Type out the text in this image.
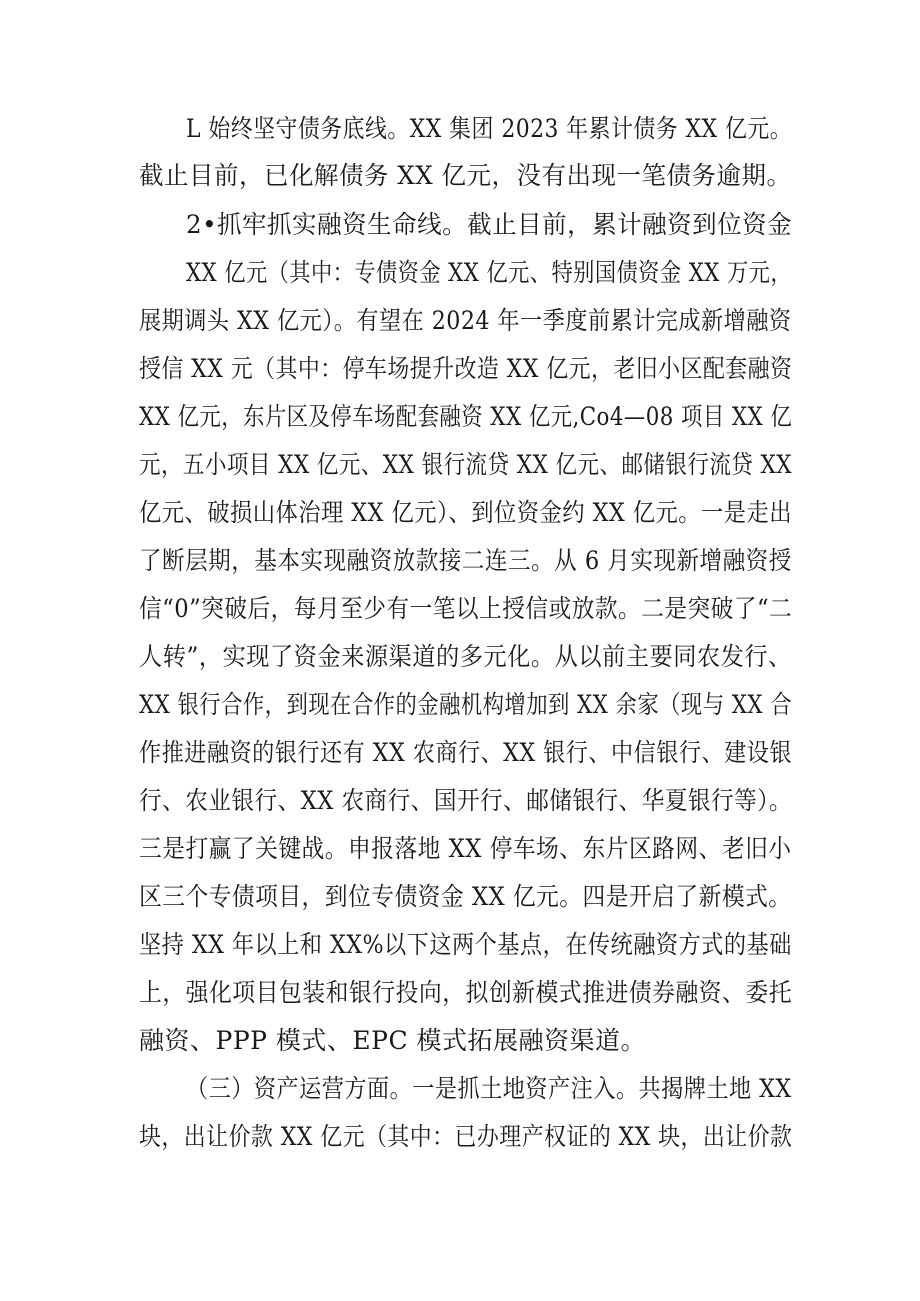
L 始终坚守债务底线。XX 集团 2023 年累计债务 XX 亿元。
截止目前，已化解债务 XX 亿元，没有出现一笔债务逾期。
2•抓牢抓实融资生命线。截止目前，累计融资到位资金
XX 亿元（其中：专债资金 XX 亿元、特别国债资金 XX 万元，
展期调头 XX 亿元）。有望在 2024 年一季度前累计完成新增融资
授信 XX 元（其中：停车场提升改造 XX 亿元，老旧小区配套融资
XX 亿元，东片区及停车场配套融资 XX 亿元,Co4—08 项目 XX 亿
元，五小项目 XX 亿元、XX 银行流贷 XX 亿元、邮储银行流贷 XX
亿元、破损山体治理 XX 亿元）、到位资金约 XX 亿元。一是走出
了断层期，基本实现融资放款接二连三。从 6 月实现新增融资授
信“0”突破后，每月至少有一笔以上授信或放款。二是突破了“二
人转”，实现了资金来源渠道的多元化。从以前主要同农发行、
XX 银行合作，到现在合作的金融机构增加到 XX 余家（现与 XX 合
作推进融资的银行还有 XX 农商行、XX 银行、中信银行、建设银
行、农业银行、XX 农商行、国开行、邮储银行、华夏银行等）。
三是打赢了关键战。申报落地 XX 停车场、东片区路网、老旧小
区三个专债项目，到位专债资金 XX 亿元。四是开启了新模式。
坚持 XX 年以上和 XX%以下这两个基点，在传统融资方式的基础
上，强化项目包装和银行投向，拟创新模式推进债券融资、委托
融资、PPP 模式、EPC 模式拓展融资渠道。
（三）资产运营方面。一是抓土地资产注入。共揭牌土地 XX
块，出让价款 XX 亿元（其中：已办理产权证的 XX 块，出让价款
